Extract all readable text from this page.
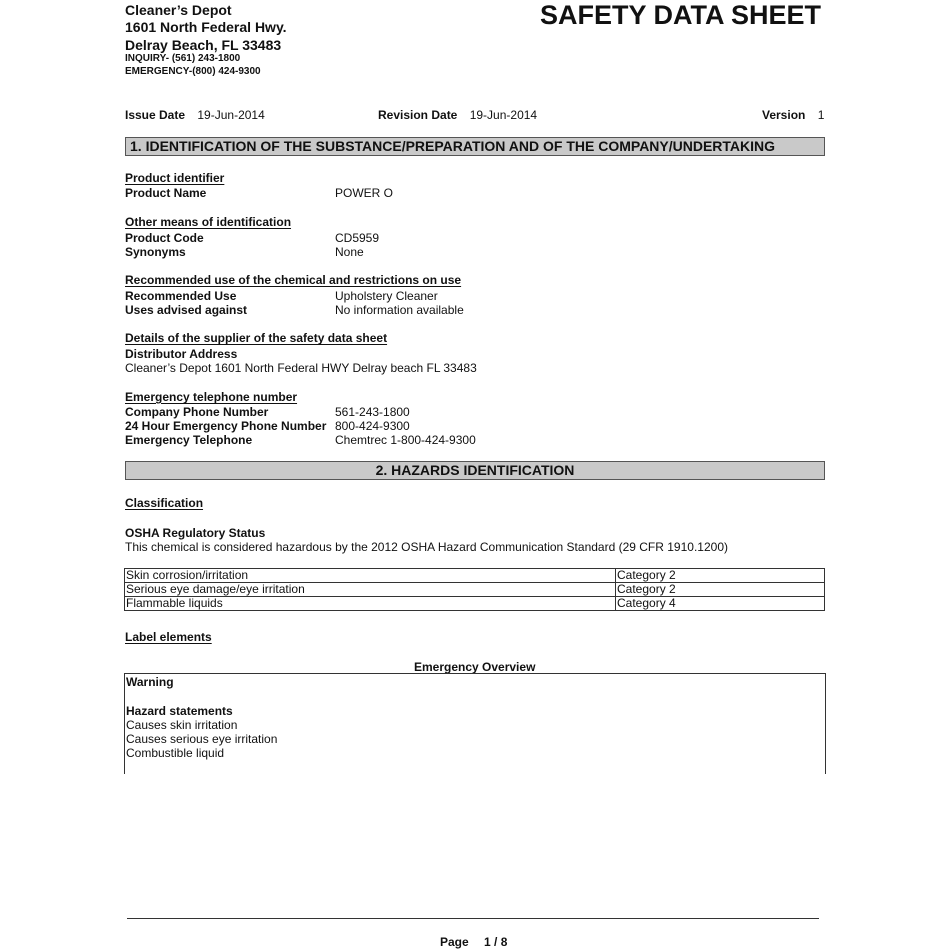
Cleaner’s Depot
1601 North Federal Hwy.
Delray Beach, FL 33483
INQUIRY- (561) 243-1800
EMERGENCY-(800) 424-9300
SAFETY DATA SHEET
Issue Date 19-Jun-2014	Revision Date 19-Jun-2014	Version 1
1. IDENTIFICATION OF THE SUBSTANCE/PREPARATION AND OF THE COMPANY/UNDERTAKING
Product identifier
Product Name	POWER O
Other means of identification
Product Code	CD5959
Synonyms	None
Recommended use of the chemical and restrictions on use
Recommended Use	Upholstery Cleaner
Uses advised against	No information available
Details of the supplier of the safety data sheet
Distributor Address
Cleaner’s Depot 1601 North Federal HWY Delray beach FL 33483
Emergency telephone number
Company Phone Number	561-243-1800
24 Hour Emergency Phone Number 800-424-9300
Emergency Telephone	Chemtrec 1-800-424-9300
2. HAZARDS IDENTIFICATION
Classification
OSHA Regulatory Status
This chemical is considered hazardous by the 2012 OSHA Hazard Communication Standard (29 CFR 1910.1200)
Skin corrosion/irritation	Category 2
Serious eye damage/eye irritation	Category 2
Flammable liquids	Category 4
Label elements
Emergency Overview
Warning
Hazard statements
Causes skin irritation
Causes serious eye irritation
Combustible liquid
Page 1 / 8
